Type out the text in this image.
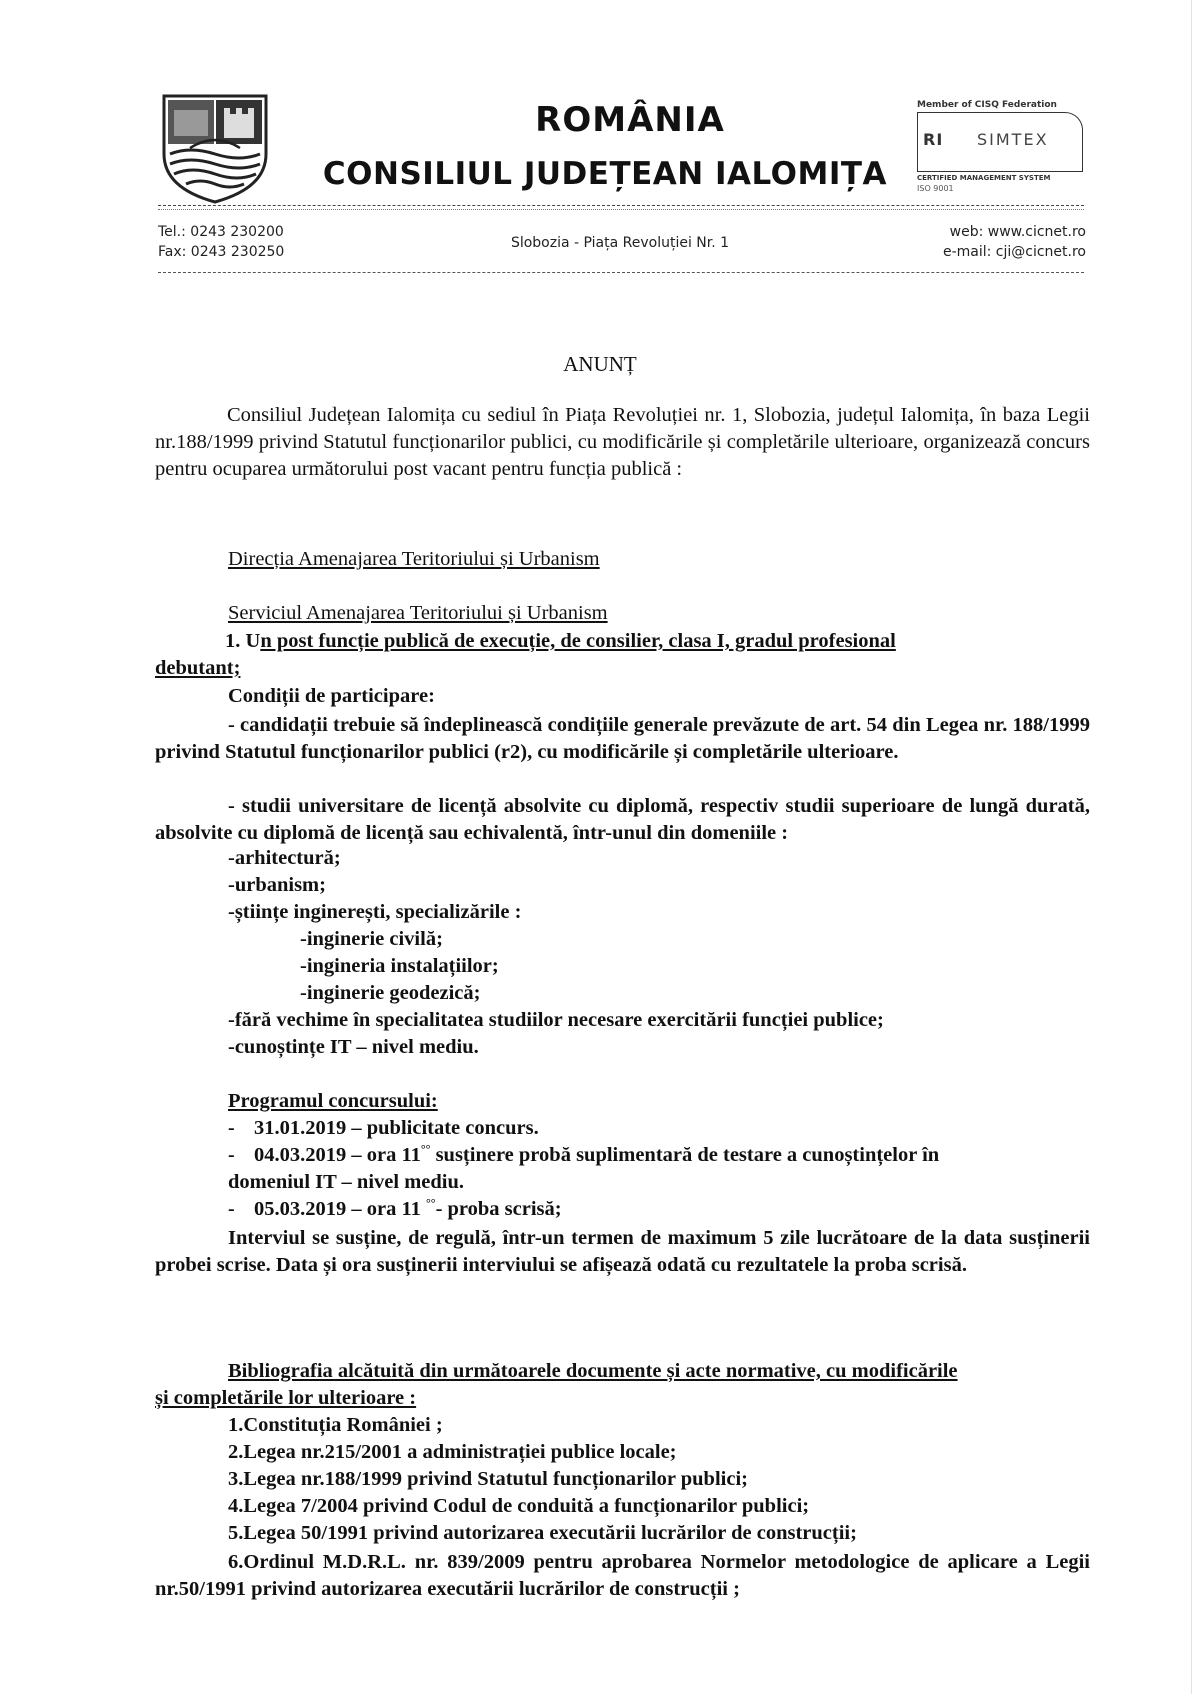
ROMÂNIA
CONSILIUL JUDEȚEAN IALOMIȚA
Member of CISQ Federation
RI SIMTEX
CERTIFIED MANAGEMENT SYSTEM
ISO 9001
Tel.: 0243 230200
Fax: 0243 230250
Slobozia - Piața Revoluției Nr. 1
web: www.cicnet.ro
e-mail: cji@cicnet.ro
ANUNȚ
Consiliul Județean Ialomița cu sediul în Piața Revoluției nr. 1, Slobozia, județul Ialomița, în baza Legii nr.188/1999 privind Statutul funcționarilor publici, cu modificările și completările ulterioare, organizează concurs pentru ocuparea următorului post vacant pentru funcția publică :
Direcția Amenajarea Teritoriului și Urbanism
Serviciul Amenajarea Teritoriului și Urbanism
1. Un post funcție publică de execuție, de consilier, clasa I, gradul profesional
debutant;
Condiții de participare:
- candidații trebuie să îndeplinească condițiile generale prevăzute de art. 54 din Legea nr. 188/1999 privind Statutul funcționarilor publici (r2), cu modificările și completările ulterioare.
- studii universitare de licență absolvite cu diplomă, respectiv studii superioare de lungă durată, absolvite cu diplomă de licență sau echivalentă, într-unul din domeniile :
-arhitectură;
-urbanism;
-științe inginerești, specializările :
-inginerie civilă;
-ingineria instalațiilor;
-inginerie geodezică;
-fără vechime în specialitatea studiilor necesare exercitării funcției publice;
-cunoștințe IT – nivel mediu.
Programul concursului:
- 31.01.2019 – publicitate concurs.
- 04.03.2019 – ora 11°° susținere probă suplimentară de testare a cunoștințelor în
domeniul IT – nivel mediu.
- 05.03.2019 – ora 11 °°- proba scrisă;
Interviul se susține, de regulă, într-un termen de maximum 5 zile lucrătoare de la data susținerii probei scrise. Data și ora susținerii interviului se afișează odată cu rezultatele la proba scrisă.
Bibliografia alcătuită din următoarele documente și acte normative, cu modificările
și completările lor ulterioare :
1.Constituția României ;
2.Legea nr.215/2001 a administrației publice locale;
3.Legea nr.188/1999 privind Statutul funcționarilor publici;
4.Legea 7/2004 privind Codul de conduită a funcționarilor publici;
5.Legea 50/1991 privind autorizarea executării lucrărilor de construcții;
6.Ordinul M.D.R.L. nr. 839/2009 pentru aprobarea Normelor metodologice de aplicare a Legii nr.50/1991 privind autorizarea executării lucrărilor de construcții ;
